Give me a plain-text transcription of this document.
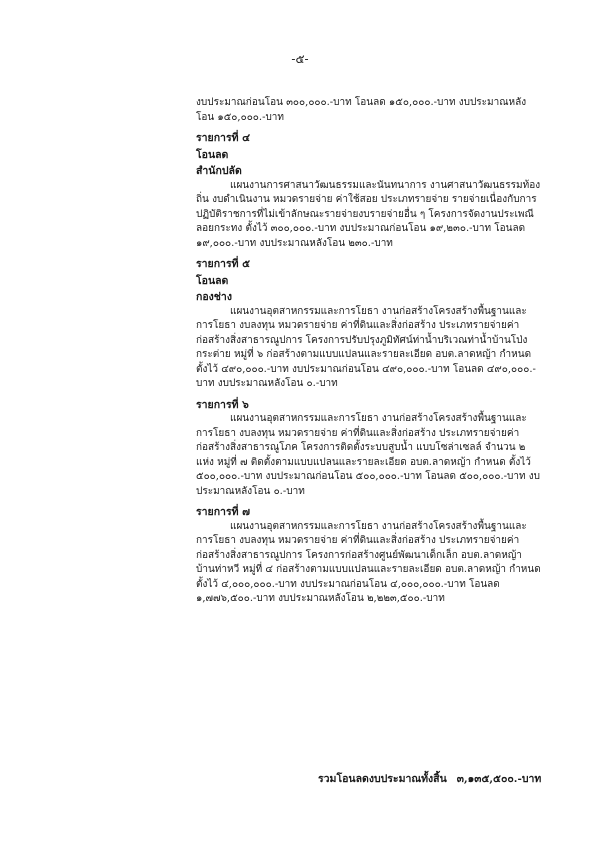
-๕-

งบประมาณก่อนโอน ๓๐๐,๐๐๐.-บาท โอนลด ๑๕๐,๐๐๐.-บาท งบประมาณหลังโอน ๑๕๐,๐๐๐.-บาท

รายการที่ ๔

โอนลด

สำนักปลัด

แผนงานการศาสนาวัฒนธรรมและนันทนาการ งานศาสนาวัฒนธรรมท้องถิ่น งบดำเนินงาน หมวดรายจ่าย ค่าใช้สอย ประเภทรายจ่าย รายจ่ายเนื่องกับการปฏิบัติราชการที่ไม่เข้าลักษณะรายจ่ายงบรายจ่ายอื่น ๆ โครงการจัดงานประเพณีลอยกระทง ตั้งไว้ ๓๐๐,๐๐๐.-บาท งบประมาณก่อนโอน ๑๙,๒๓๐.-บาท โอนลด ๑๙,๐๐๐.-บาท งบประมาณหลังโอน ๒๓๐.-บาท

รายการที่ ๕

โอนลด

กองช่าง

แผนงานอุตสาหกรรมและการโยธา งานก่อสร้างโครงสร้างพื้นฐานและการโยธา งบลงทุน หมวดรายจ่าย ค่าที่ดินและสิ่งก่อสร้าง ประเภทรายจ่ายค่าก่อสร้างสิ่งสาธารณูปการ โครงการปรับปรุงภูมิทัศน์ท่าน้ำบริเวณท่าน้ำบ้านโป่งกระต่าย หมู่ที่ ๖ ก่อสร้างตามแบบแปลนและรายละเอียด อบต.ลาดหญ้า กำหนดตั้งไว้ ๔๙๐,๐๐๐.-บาท งบประมาณก่อนโอน ๔๙๐,๐๐๐.-บาท โอนลด ๔๙๐,๐๐๐.-บาท งบประมาณหลังโอน ๐.-บาท

รายการที่ ๖

แผนงานอุตสาหกรรมและการโยธา งานก่อสร้างโครงสร้างพื้นฐานและการโยธา งบลงทุน หมวดรายจ่าย ค่าที่ดินและสิ่งก่อสร้าง ประเภทรายจ่ายค่าก่อสร้างสิ่งสาธารณูโภค โครงการติดตั้งระบบสูบน้ำ แบบโซล่าเซลล์ จำนวน ๒ แห่ง หมู่ที่ ๗ ติดตั้งตามแบบแปลนและรายละเอียด อบต.ลาดหญ้า กำหนด ตั้งไว้ ๕๐๐,๐๐๐.-บาท งบประมาณก่อนโอน ๕๐๐,๐๐๐.-บาท โอนลด ๕๐๐,๐๐๐.-บาท งบประมาณหลังโอน ๐.-บาท

รายการที่ ๗

แผนงานอุตสาหกรรมและการโยธา งานก่อสร้างโครงสร้างพื้นฐานและการโยธา งบลงทุน หมวดรายจ่าย ค่าที่ดินและสิ่งก่อสร้าง ประเภทรายจ่ายค่าก่อสร้างสิ่งสาธารณูปการ โครงการก่อสร้างศูนย์พัฒนาเด็กเล็ก อบต.ลาดหญ้า บ้านท่าหวี หมู่ที่ ๔ ก่อสร้างตามแบบแปลนและรายละเอียด อบต.ลาดหญ้า กำหนด ตั้งไว้ ๔,๐๐๐,๐๐๐.-บาท งบประมาณก่อนโอน ๔,๐๐๐,๐๐๐.-บาท โอนลด ๑,๗๗๖,๕๐๐.-บาท งบประมาณหลังโอน ๒,๒๒๓,๕๐๐.-บาท

รวมโอนลดงบประมาณทั้งสิ้น ๓,๑๓๕,๕๐๐.-บาท
